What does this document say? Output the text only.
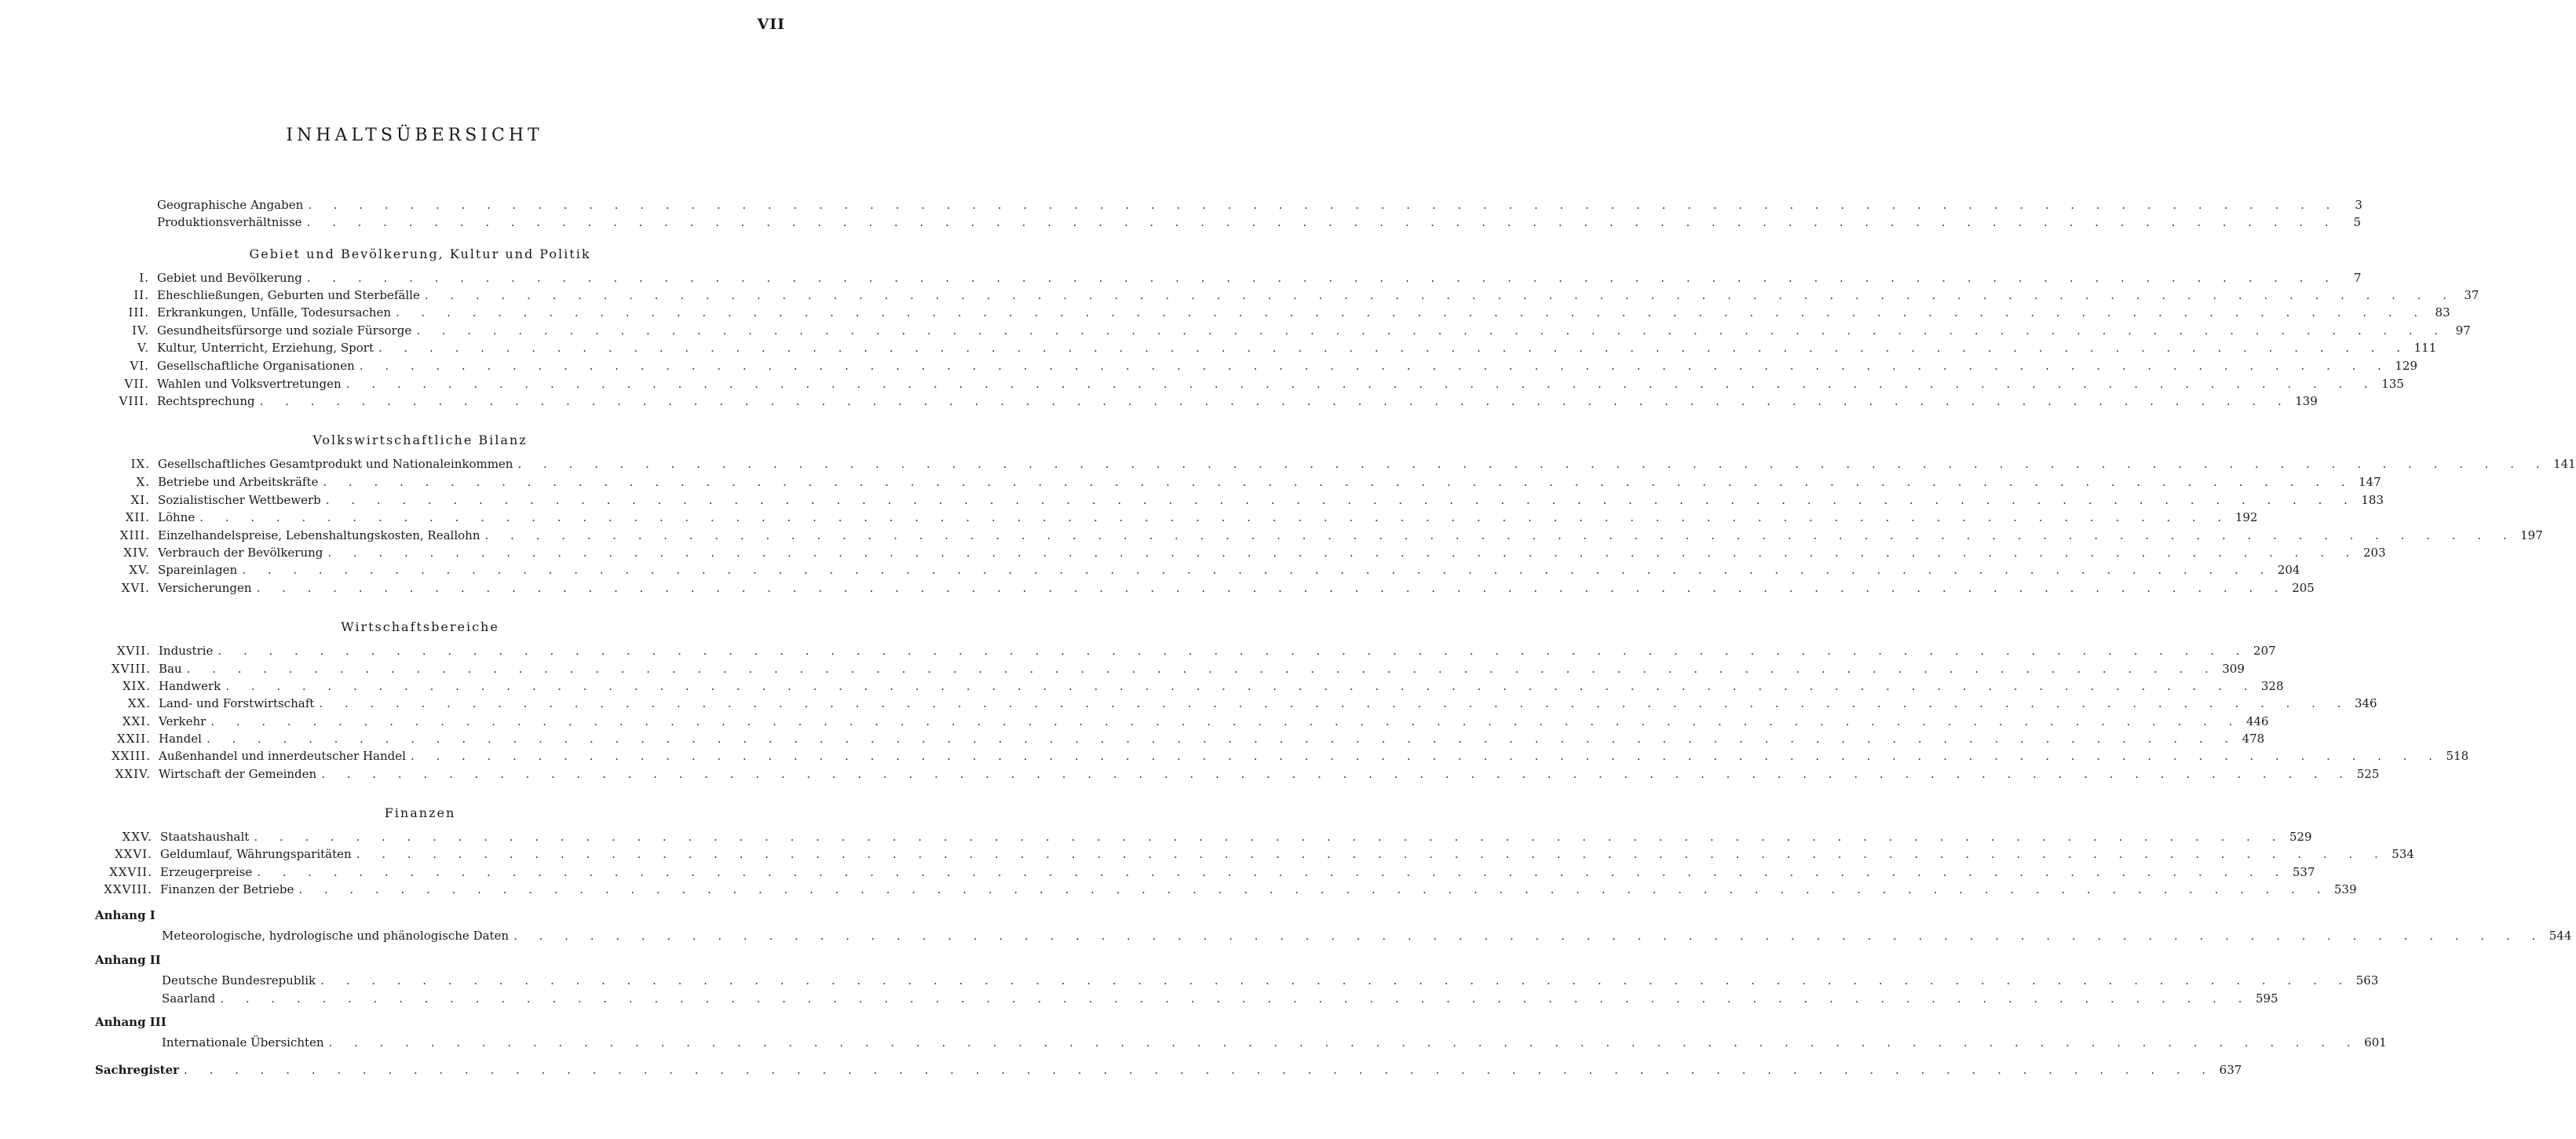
VII
INHALTSÜBERSICHT
Geographische Angaben . . . . . . . . . . . . . . . . . . . . . . . . . . . . . . . . . . . . . . . . . . . . . . . . . . . . . . . . . . . . . . . . . . . . . . . . . . . . . . . .	3
Produktionsverhältnisse . . . . . . . . . . . . . . . . . . . . . . . . . . . . . . . . . . . . . . . . . . . . . . . . . . . . . . . . . . . . . . . . . . . . . . . . . . . . . . . .	5
Gebiet und Bevölkerung, Kultur und Politik
I. Gebiet und Bevölkerung . . . . . . . . . . . . . . . . . . . . . . . . . . . . . . . . . . . . . . . . . . . . . . . . . . . . . . . . . . . . . . . . . . . . . . . . . . . . . . . .	7
II. Eheschließungen, Geburten und Sterbefälle . . . . . . . . . . . . . . . . . . . . . . . . . . . . . . . . . . . . . . . . . . . . . . . . . . . . . . . . . . . . . . . . . . . . . . . . . . . . . . . . 37
III. Erkrankungen, Unfälle, Todesursachen . . . . . . . . . . . . . . . . . . . . . . . . . . . . . . . . . . . . . . . . . . . . . . . . . . . . . . . . . . . . . . . . . . . . . . . . . . . . . . . . 83
IV. Gesundheitsfürsorge und soziale Fürsorge . . . . . . . . . . . . . . . . . . . . . . . . . . . . . . . . . . . . . . . . . . . . . . . . . . . . . . . . . . . . . . . . . . . . . . . . . . . . . . . . 97
V. Kultur, Unterricht, Erziehung, Sport . . . . . . . . . . . . . . . . . . . . . . . . . . . . . . . . . . . . . . . . . . . . . . . . . . . . . . . . . . . . . . . . . . . . . . . . . . . . . . . . 111
VI. Gesellschaftliche Organisationen . . . . . . . . . . . . . . . . . . . . . . . . . . . . . . . . . . . . . . . . . . . . . . . . . . . . . . . . . . . . . . . . . . . . . . . . . . . . . . . . 129
VII. Wahlen und Volksvertretungen . . . . . . . . . . . . . . . . . . . . . . . . . . . . . . . . . . . . . . . . . . . . . . . . . . . . . . . . . . . . . . . . . . . . . . . . . . . . . . . . 135
VIII. Rechtsprechung . . . . . . . . . . . . . . . . . . . . . . . . . . . . . . . . . . . . . . . . . . . . . . . . . . . . . . . . . . . . . . . . . . . . . . . . . . . . . . . . 139
Volkswirtschaftliche Bilanz
IX. Gesellschaftliches Gesamtprodukt und Nationaleinkommen . . . . . . . . . . . . . . . . . . . . . . . . . . . . . . . . . . . . . . . . . . . . . . . . . . . . . . . . . . . . . . . . . . . . . . . . . . . . . . . . 141
X. Betriebe und Arbeitskräfte . . . . . . . . . . . . . . . . . . . . . . . . . . . . . . . . . . . . . . . . . . . . . . . . . . . . . . . . . . . . . . . . . . . . . . . . . . . . . . . . 147
XI. Sozialistischer Wettbewerb . . . . . . . . . . . . . . . . . . . . . . . . . . . . . . . . . . . . . . . . . . . . . . . . . . . . . . . . . . . . . . . . . . . . . . . . . . . . . . . . 183
XII. Löhne . . . . . . . . . . . . . . . . . . . . . . . . . . . . . . . . . . . . . . . . . . . . . . . . . . . . . . . . . . . . . . . . . . . . . . . . . . . . . . . . 192
XIII. Einzelhandelspreise, Lebenshaltungskosten, Reallohn . . . . . . . . . . . . . . . . . . . . . . . . . . . . . . . . . . . . . . . . . . . . . . . . . . . . . . . . . . . . . . . . . . . . . . . . . . . . . . . . 197
XIV. Verbrauch der Bevölkerung . . . . . . . . . . . . . . . . . . . . . . . . . . . . . . . . . . . . . . . . . . . . . . . . . . . . . . . . . . . . . . . . . . . . . . . . . . . . . . . . 203
XV. Spareinlagen . . . . . . . . . . . . . . . . . . . . . . . . . . . . . . . . . . . . . . . . . . . . . . . . . . . . . . . . . . . . . . . . . . . . . . . . . . . . . . . . 204
XVI. Versicherungen . . . . . . . . . . . . . . . . . . . . . . . . . . . . . . . . . . . . . . . . . . . . . . . . . . . . . . . . . . . . . . . . . . . . . . . . . . . . . . . . 205
Wirtschaftsbereiche
XVII. Industrie . . . . . . . . . . . . . . . . . . . . . . . . . . . . . . . . . . . . . . . . . . . . . . . . . . . . . . . . . . . . . . . . . . . . . . . . . . . . . . . . 207
XVIII. Bau . . . . . . . . . . . . . . . . . . . . . . . . . . . . . . . . . . . . . . . . . . . . . . . . . . . . . . . . . . . . . . . . . . . . . . . . . . . . . . . . 309
XIX. Handwerk . . . . . . . . . . . . . . . . . . . . . . . . . . . . . . . . . . . . . . . . . . . . . . . . . . . . . . . . . . . . . . . . . . . . . . . . . . . . . . . . 328
XX. Land- und Forstwirtschaft . . . . . . . . . . . . . . . . . . . . . . . . . . . . . . . . . . . . . . . . . . . . . . . . . . . . . . . . . . . . . . . . . . . . . . . . . . . . . . . . 346
XXI. Verkehr . . . . . . . . . . . . . . . . . . . . . . . . . . . . . . . . . . . . . . . . . . . . . . . . . . . . . . . . . . . . . . . . . . . . . . . . . . . . . . . . 446
XXII. Handel . . . . . . . . . . . . . . . . . . . . . . . . . . . . . . . . . . . . . . . . . . . . . . . . . . . . . . . . . . . . . . . . . . . . . . . . . . . . . . . . 478
XXIII. Außenhandel und innerdeutscher Handel . . . . . . . . . . . . . . . . . . . . . . . . . . . . . . . . . . . . . . . . . . . . . . . . . . . . . . . . . . . . . . . . . . . . . . . . . . . . . . . . 518
XXIV. Wirtschaft der Gemeinden . . . . . . . . . . . . . . . . . . . . . . . . . . . . . . . . . . . . . . . . . . . . . . . . . . . . . . . . . . . . . . . . . . . . . . . . . . . . . . . . 525
Finanzen
XXV. Staatshaushalt . . . . . . . . . . . . . . . . . . . . . . . . . . . . . . . . . . . . . . . . . . . . . . . . . . . . . . . . . . . . . . . . . . . . . . . . . . . . . . . . 529
XXVI. Geldumlauf, Währungsparitäten . . . . . . . . . . . . . . . . . . . . . . . . . . . . . . . . . . . . . . . . . . . . . . . . . . . . . . . . . . . . . . . . . . . . . . . . . . . . . . . . 534
XXVII. Erzeugerpreise . . . . . . . . . . . . . . . . . . . . . . . . . . . . . . . . . . . . . . . . . . . . . . . . . . . . . . . . . . . . . . . . . . . . . . . . . . . . . . . . 537
XXVIII. Finanzen der Betriebe . . . . . . . . . . . . . . . . . . . . . . . . . . . . . . . . . . . . . . . . . . . . . . . . . . . . . . . . . . . . . . . . . . . . . . . . . . . . . . . . 539
Anhang I
Meteorologische, hydrologische und phänologische Daten . . . . . . . . . . . . . . . . . . . . . . . . . . . . . . . . . . . . . . . . . . . . . . . . . . . . . . . . . . . . . . . . . . . . . . . . . . . . . . . . 544
Anhang II
Deutsche Bundesrepublik . . . . . . . . . . . . . . . . . . . . . . . . . . . . . . . . . . . . . . . . . . . . . . . . . . . . . . . . . . . . . . . . . . . . . . . . . . . . . . . . 563
Saarland . . . . . . . . . . . . . . . . . . . . . . . . . . . . . . . . . . . . . . . . . . . . . . . . . . . . . . . . . . . . . . . . . . . . . . . . . . . . . . . . 595
Anhang III
Internationale Übersichten . . . . . . . . . . . . . . . . . . . . . . . . . . . . . . . . . . . . . . . . . . . . . . . . . . . . . . . . . . . . . . . . . . . . . . . . . . . . . . . . 601
Sachregister . . . . . . . . . . . . . . . . . . . . . . . . . . . . . . . . . . . . . . . . . . . . . . . . . . . . . . . . . . . . . . . . . . . . . . . . . . . . . . . . 637
